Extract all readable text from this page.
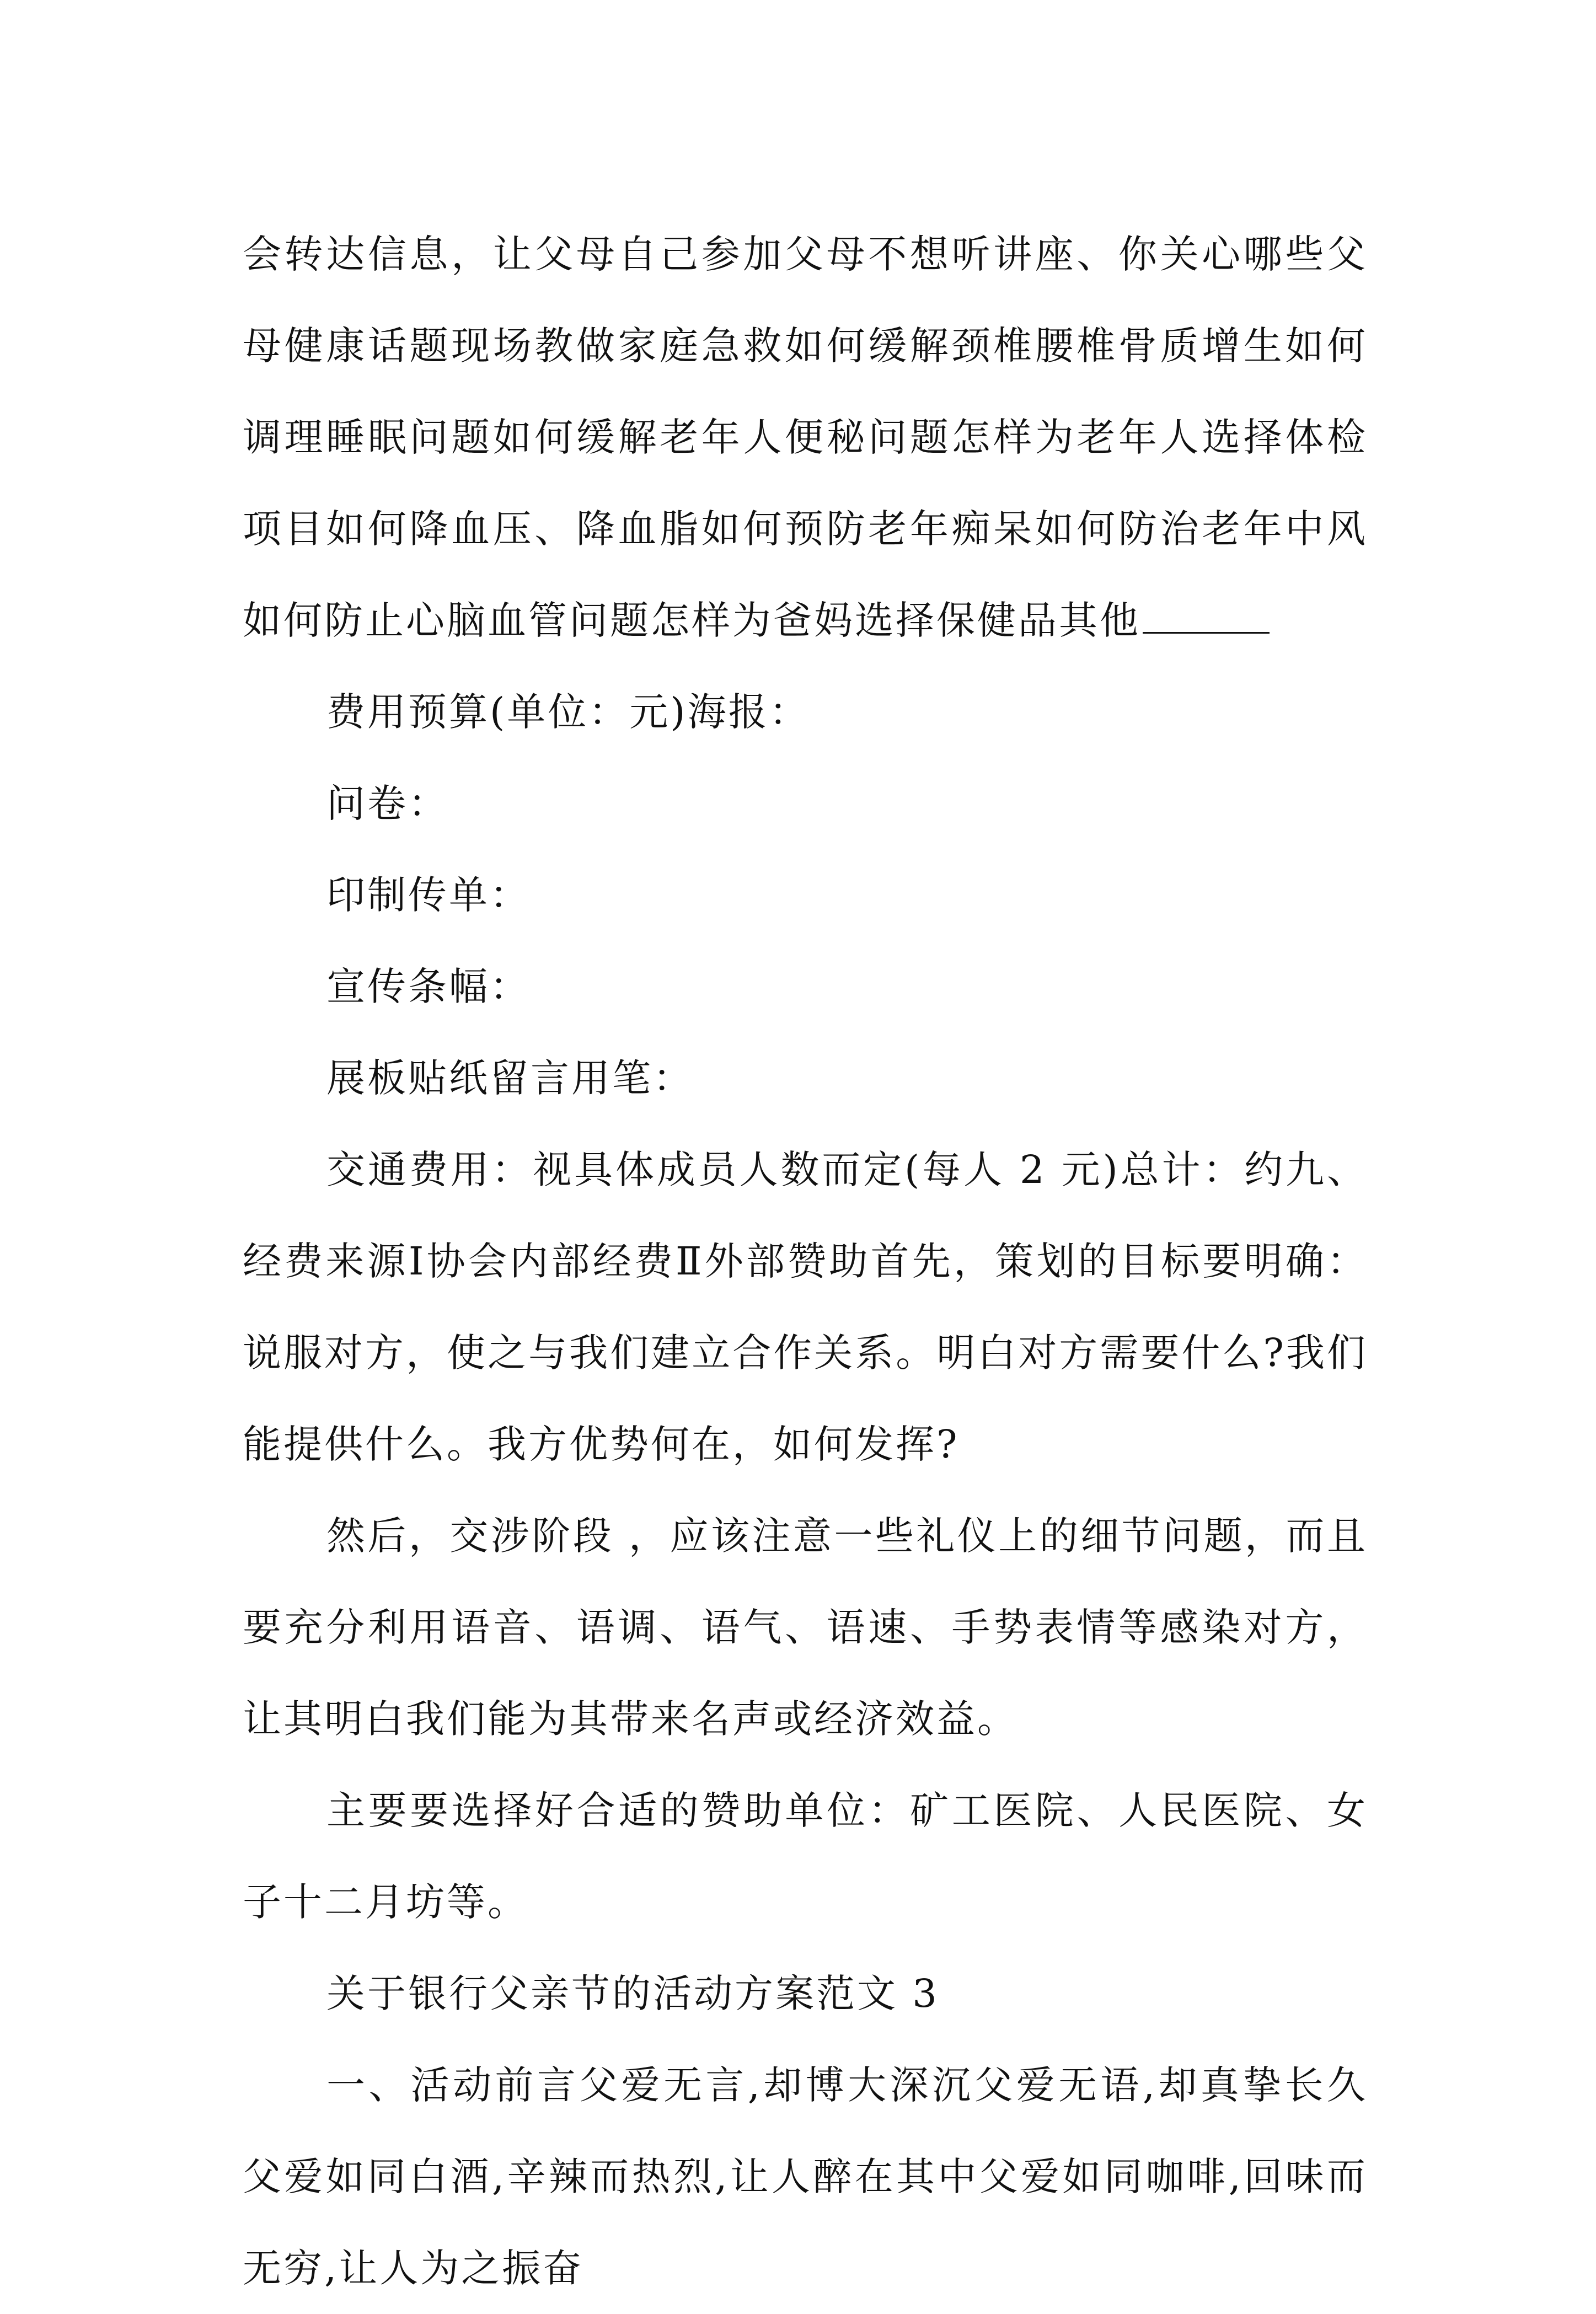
会转达信息，让父母自己参加父母不想听讲座、你关心哪些父母健康话题现场教做家庭急救如何缓解颈椎腰椎骨质增生如何调理睡眠问题如何缓解老年人便秘问题怎样为老年人选择体检项目如何降血压、降血脂如何预防老年痴呆如何防治老年中风如何防止心脑血管问题怎样为爸妈选择保健品其他

费用预算(单位：元)海报：

问卷：

印制传单：

宣传条幅：

展板贴纸留言用笔：

交通费用：视具体成员人数而定(每人 2 元)总计：约九、经费来源Ⅰ协会内部经费Ⅱ外部赞助首先，策划的目标要明确：说服对方，使之与我们建立合作关系。明白对方需要什么?我们能提供什么。我方优势何在，如何发挥?

然后，交涉阶段 ，应该注意一些礼仪上的细节问题，而且要充分利用语音、语调、语气、语速、手势表情等感染对方，让其明白我们能为其带来名声或经济效益。

主要要选择好合适的赞助单位：矿工医院、人民医院、女子十二月坊等。

关于银行父亲节的活动方案范文 3

一、活动前言父爱无言,却博大深沉父爱无语,却真挚长久父爱如同白酒,辛辣而热烈,让人醉在其中父爱如同咖啡,回味而无穷,让人为之振奋
